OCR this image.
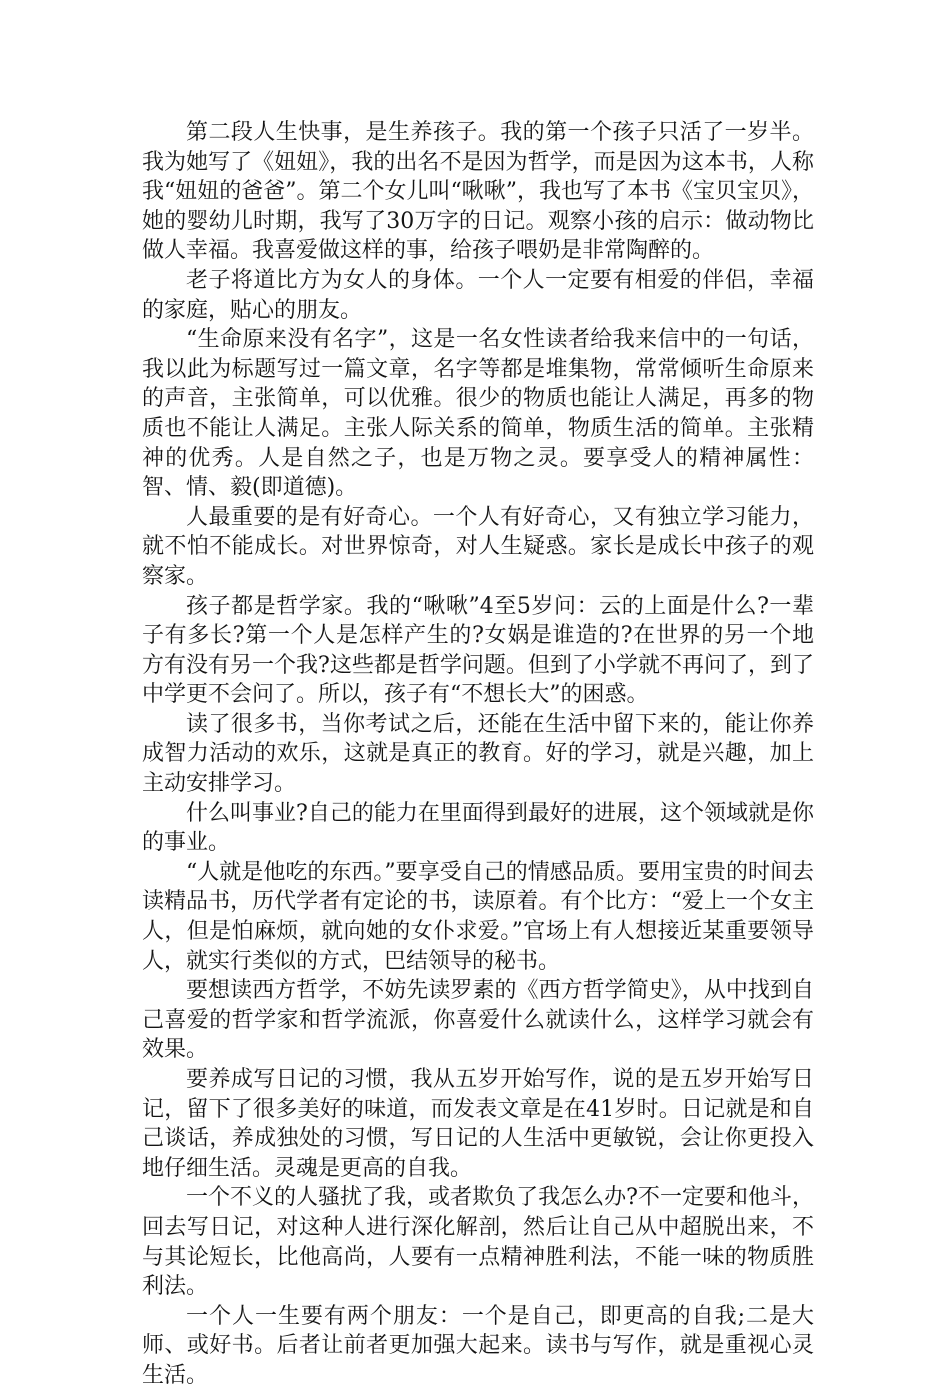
第二段人生快事，是生养孩子。我的第一个孩子只活了一岁半。我为她写了《妞妞》，我的出名不是因为哲学，而是因为这本书，人称我“妞妞的爸爸”。第二个女儿叫“啾啾”，我也写了本书《宝贝宝贝》，她的婴幼儿时期，我写了30万字的日记。观察小孩的启示：做动物比做人幸福。我喜爱做这样的事，给孩子喂奶是非常陶醉的。

老子将道比方为女人的身体。一个人一定要有相爱的伴侣，幸福的家庭，贴心的朋友。

“生命原来没有名字”，这是一名女性读者给我来信中的一句话，我以此为标题写过一篇文章，名字等都是堆集物，常常倾听生命原来的声音，主张简单，可以优雅。很少的物质也能让人满足，再多的物质也不能让人满足。主张人际关系的简单，物质生活的简单。主张精神的优秀。人是自然之子，也是万物之灵。要享受人的精神属性：智、情、毅(即道德)。

人最重要的是有好奇心。一个人有好奇心，又有独立学习能力，就不怕不能成长。对世界惊奇，对人生疑惑。家长是成长中孩子的观察家。

孩子都是哲学家。我的“啾啾”4至5岁问：云的上面是什么?一辈子有多长?第一个人是怎样产生的?女娲是谁造的?在世界的另一个地方有没有另一个我?这些都是哲学问题。但到了小学就不再问了，到了中学更不会问了。所以，孩子有“不想长大”的困惑。

读了很多书，当你考试之后，还能在生活中留下来的，能让你养成智力活动的欢乐，这就是真正的教育。好的学习，就是兴趣，加上主动安排学习。

什么叫事业?自己的能力在里面得到最好的进展，这个领域就是你的事业。

“人就是他吃的东西。”要享受自己的情感品质。要用宝贵的时间去读精品书，历代学者有定论的书，读原着。有个比方：“爱上一个女主人，但是怕麻烦，就向她的女仆求爱。”官场上有人想接近某重要领导人，就实行类似的方式，巴结领导的秘书。

要想读西方哲学，不妨先读罗素的《西方哲学简史》，从中找到自己喜爱的哲学家和哲学流派，你喜爱什么就读什么，这样学习就会有效果。

要养成写日记的习惯，我从五岁开始写作，说的是五岁开始写日记，留下了很多美好的味道，而发表文章是在41岁时。日记就是和自己谈话，养成独处的习惯，写日记的人生活中更敏锐，会让你更投入地仔细生活。灵魂是更高的自我。

一个不义的人骚扰了我，或者欺负了我怎么办?不一定要和他斗，回去写日记，对这种人进行深化解剖，然后让自己从中超脱出来，不与其论短长，比他高尚，人要有一点精神胜利法，不能一味的物质胜利法。

一个人一生要有两个朋友：一个是自己，即更高的自我;二是大师、或好书。后者让前者更加强大起来。读书与写作，就是重视心灵生活。
